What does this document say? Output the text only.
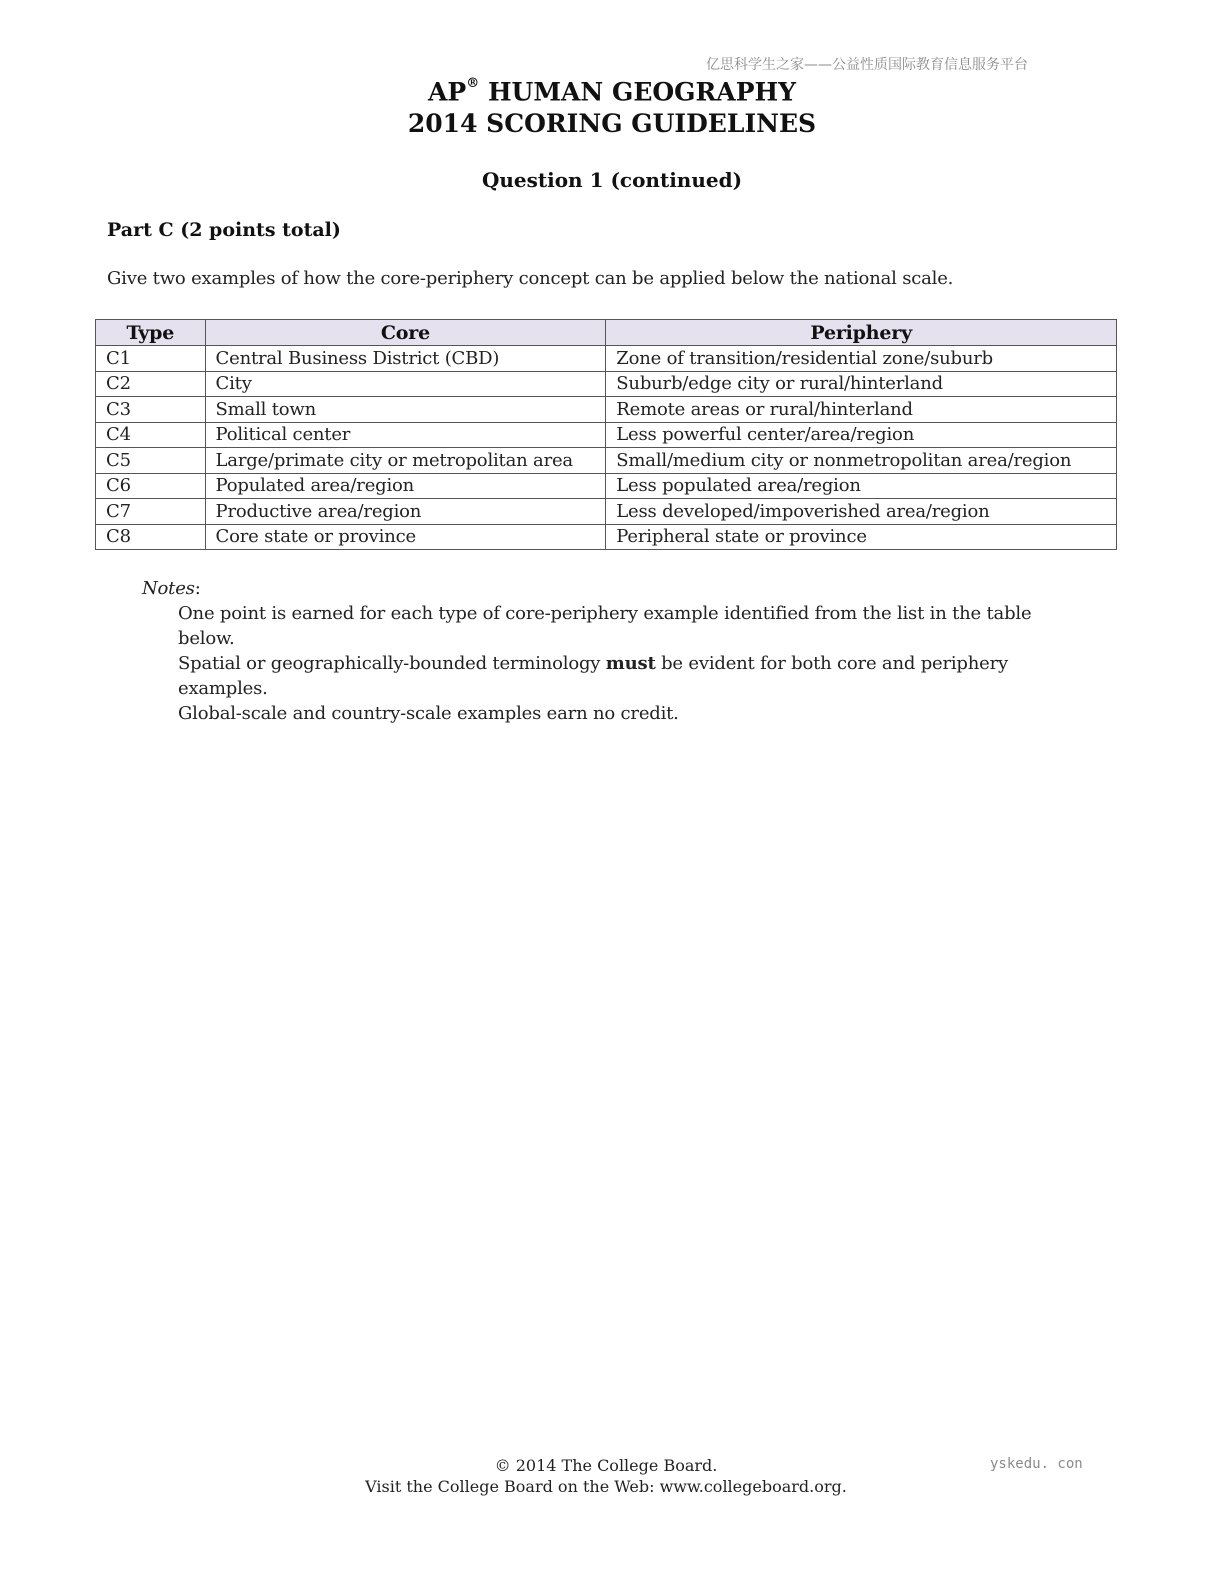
亿思科学生之家——公益性质国际教育信息服务平台
AP® HUMAN GEOGRAPHY
2014 SCORING GUIDELINES
Question 1 (continued)
Part C (2 points total)
Give two examples of how the core-periphery concept can be applied below the national scale.
Type	Core	Periphery
C1	Central Business District (CBD)	Zone of transition/residential zone/suburb
C2	City	Suburb/edge city or rural/hinterland
C3	Small town	Remote areas or rural/hinterland
C4	Political center	Less powerful center/area/region
C5	Large/primate city or metropolitan area	Small/medium city or nonmetropolitan area/region
C6	Populated area/region	Less populated area/region
C7	Productive area/region	Less developed/impoverished area/region
C8	Core state or province	Peripheral state or province
Notes:
One point is earned for each type of core-periphery example identified from the list in the table below.
Spatial or geographically-bounded terminology must be evident for both core and periphery examples.
Global-scale and country-scale examples earn no credit.
© 2014 The College Board.
Visit the College Board on the Web: www.collegeboard.org.
yskedu. con
